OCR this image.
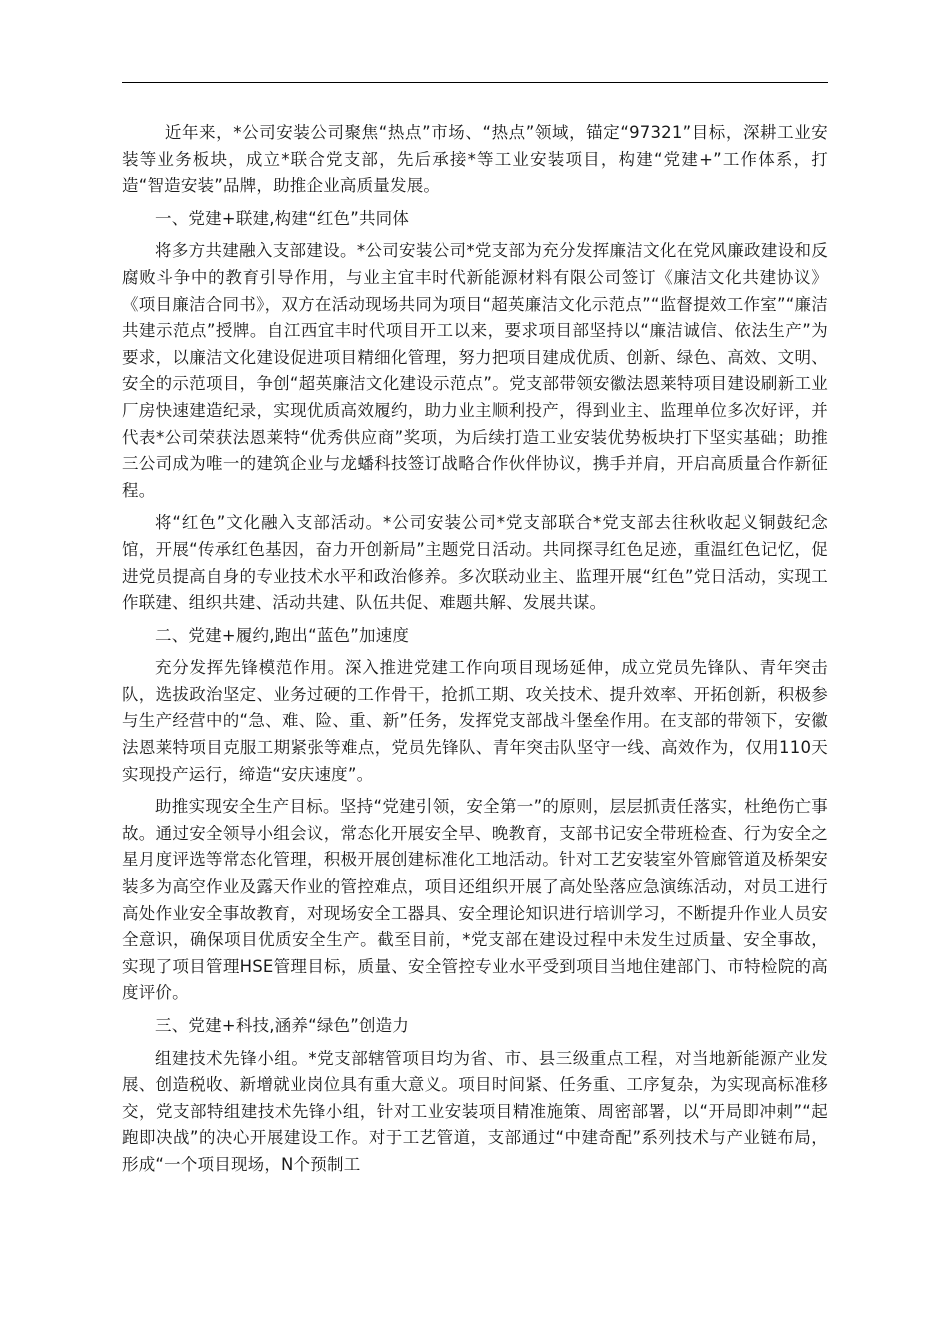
近年来，*公司安装公司聚焦“热点”市场、“热点”领域，锚定“97321”目标，深耕工业安装等业务板块，成立*联合党支部，先后承接*等工业安装项目，构建“党建+”工作体系，打造“智造安装”品牌，助推企业高质量发展。

一、党建+联建,构建“红色”共同体

将多方共建融入支部建设。*公司安装公司*党支部为充分发挥廉洁文化在党风廉政建设和反腐败斗争中的教育引导作用，与业主宜丰时代新能源材料有限公司签订《廉洁文化共建协议》《项目廉洁合同书》，双方在活动现场共同为项目“超英廉洁文化示范点”“监督提效工作室”“廉洁共建示范点”授牌。自江西宜丰时代项目开工以来，要求项目部坚持以“廉洁诚信、依法生产”为要求，以廉洁文化建设促进项目精细化管理，努力把项目建成优质、创新、绿色、高效、文明、安全的示范项目，争创“超英廉洁文化建设示范点”。党支部带领安徽法恩莱特项目建设刷新工业厂房快速建造纪录，实现优质高效履约，助力业主顺利投产，得到业主、监理单位多次好评，并代表*公司荣获法恩莱特“优秀供应商”奖项，为后续打造工业安装优势板块打下坚实基础；助推三公司成为唯一的建筑企业与龙蟠科技签订战略合作伙伴协议，携手并肩，开启高质量合作新征程。

将“红色”文化融入支部活动。*公司安装公司*党支部联合*党支部去往秋收起义铜鼓纪念馆，开展“传承红色基因，奋力开创新局”主题党日活动。共同探寻红色足迹，重温红色记忆，促进党员提高自身的专业技术水平和政治修养。多次联动业主、监理开展“红色”党日活动，实现工作联建、组织共建、活动共建、队伍共促、难题共解、发展共谋。

二、党建+履约,跑出“蓝色”加速度

充分发挥先锋模范作用。深入推进党建工作向项目现场延伸，成立党员先锋队、青年突击队，选拔政治坚定、业务过硬的工作骨干，抢抓工期、攻关技术、提升效率、开拓创新，积极参与生产经营中的“急、难、险、重、新”任务，发挥党支部战斗堡垒作用。在支部的带领下，安徽法恩莱特项目克服工期紧张等难点，党员先锋队、青年突击队坚守一线、高效作为，仅用110天实现投产运行，缔造“安庆速度”。

助推实现安全生产目标。坚持“党建引领，安全第一”的原则，层层抓责任落实，杜绝伤亡事故。通过安全领导小组会议，常态化开展安全早、晚教育，支部书记安全带班检查、行为安全之星月度评选等常态化管理，积极开展创建标准化工地活动。针对工艺安装室外管廊管道及桥架安装多为高空作业及露天作业的管控难点，项目还组织开展了高处坠落应急演练活动，对员工进行高处作业安全事故教育，对现场安全工器具、安全理论知识进行培训学习，不断提升作业人员安全意识，确保项目优质安全生产。截至目前，*党支部在建设过程中未发生过质量、安全事故，实现了项目管理HSE管理目标，质量、安全管控专业水平受到项目当地住建部门、市特检院的高度评价。

三、党建+科技,涵养“绿色”创造力

组建技术先锋小组。*党支部辖管项目均为省、市、县三级重点工程，对当地新能源产业发展、创造税收、新增就业岗位具有重大意义。项目时间紧、任务重、工序复杂，为实现高标准移交，党支部特组建技术先锋小组，针对工业安装项目精准施策、周密部署，以“开局即冲刺”“起跑即决战”的决心开展建设工作。对于工艺管道，支部通过“中建奇配”系列技术与产业链布局，形成“一个项目现场，N个预制工
